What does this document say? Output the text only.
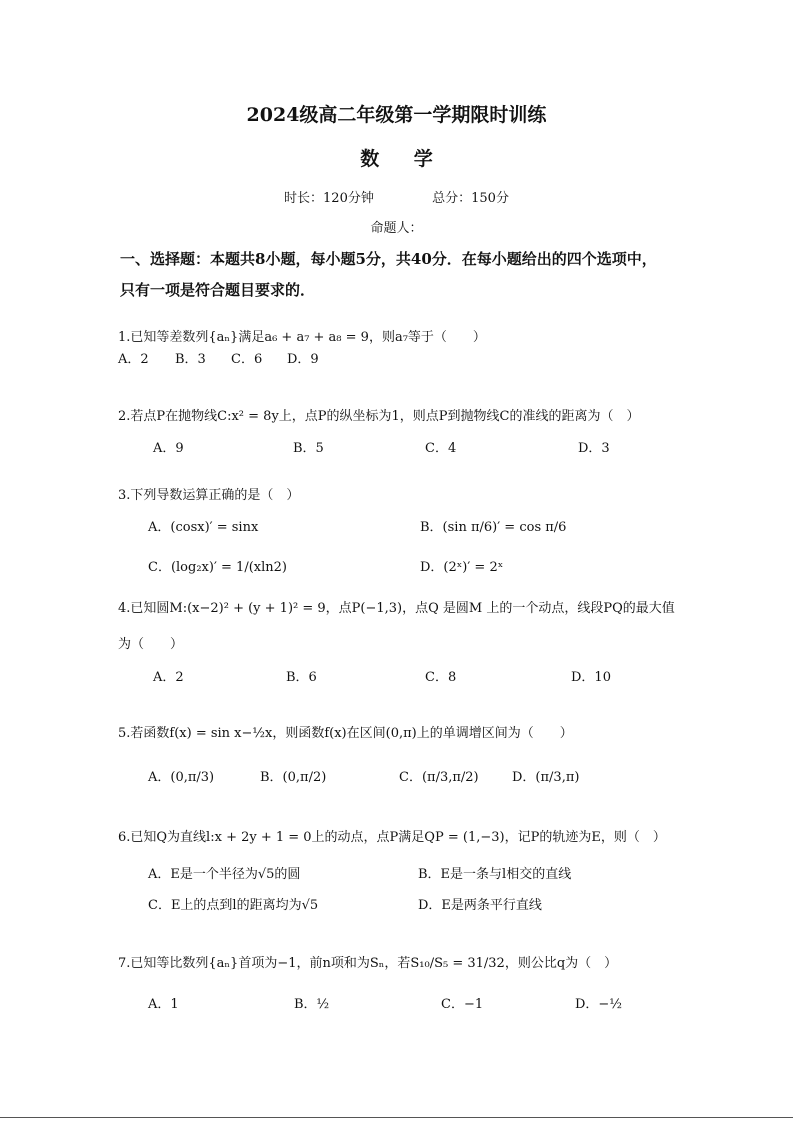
2024级高二年级第一学期限时训练
数 学
时长：120分钟	总分：150分
命题人：
一、选择题：本题共8小题，每小题5分，共40分．在每小题给出的四个选项中，
只有一项是符合题目要求的．
1.已知等差数列{aₙ}满足a₆ + a₇ + a₈ = 9，则a₇等于（　　）
A．2 B．3 C．6 D．9
2.若点P在抛物线C:x² = 8y上，点P的纵坐标为1，则点P到抛物线C的准线的距离为（　）
A．9	B．5	C．4	D．3
3.下列导数运算正确的是（　）
A．(cosx)′ = sinx	B．(sin π/6)′ = cos π/6
C．(log₂x)′ = 1/(xln2)	D．(2ˣ)′ = 2ˣ
4.已知圆M:(x−2)² + (y + 1)² = 9，点P(−1,3)，点Q 是圆M 上的一个动点，线段PQ的最大值
为（　　）
A．2	B．6	C．8	D．10
5.若函数f(x) = sin x−½x，则函数f(x)在区间(0,π)上的单调增区间为（　　）
A．(0,π/3)	B．(0,π/2)	C．(π/3,π/2)	D．(π/3,π)
6.已知Q为直线l:x + 2y + 1 = 0上的动点，点P满足QP = (1,−3)，记P的轨迹为E，则（　）
A．E是一个半径为√5的圆	B．E是一条与l相交的直线
C．E上的点到l的距离均为√5	D．E是两条平行直线
7.已知等比数列{aₙ}首项为−1，前n项和为Sₙ，若S₁₀/S₅ = 31/32，则公比q为（　）
A．1	B．½	C．−1	D．−½
